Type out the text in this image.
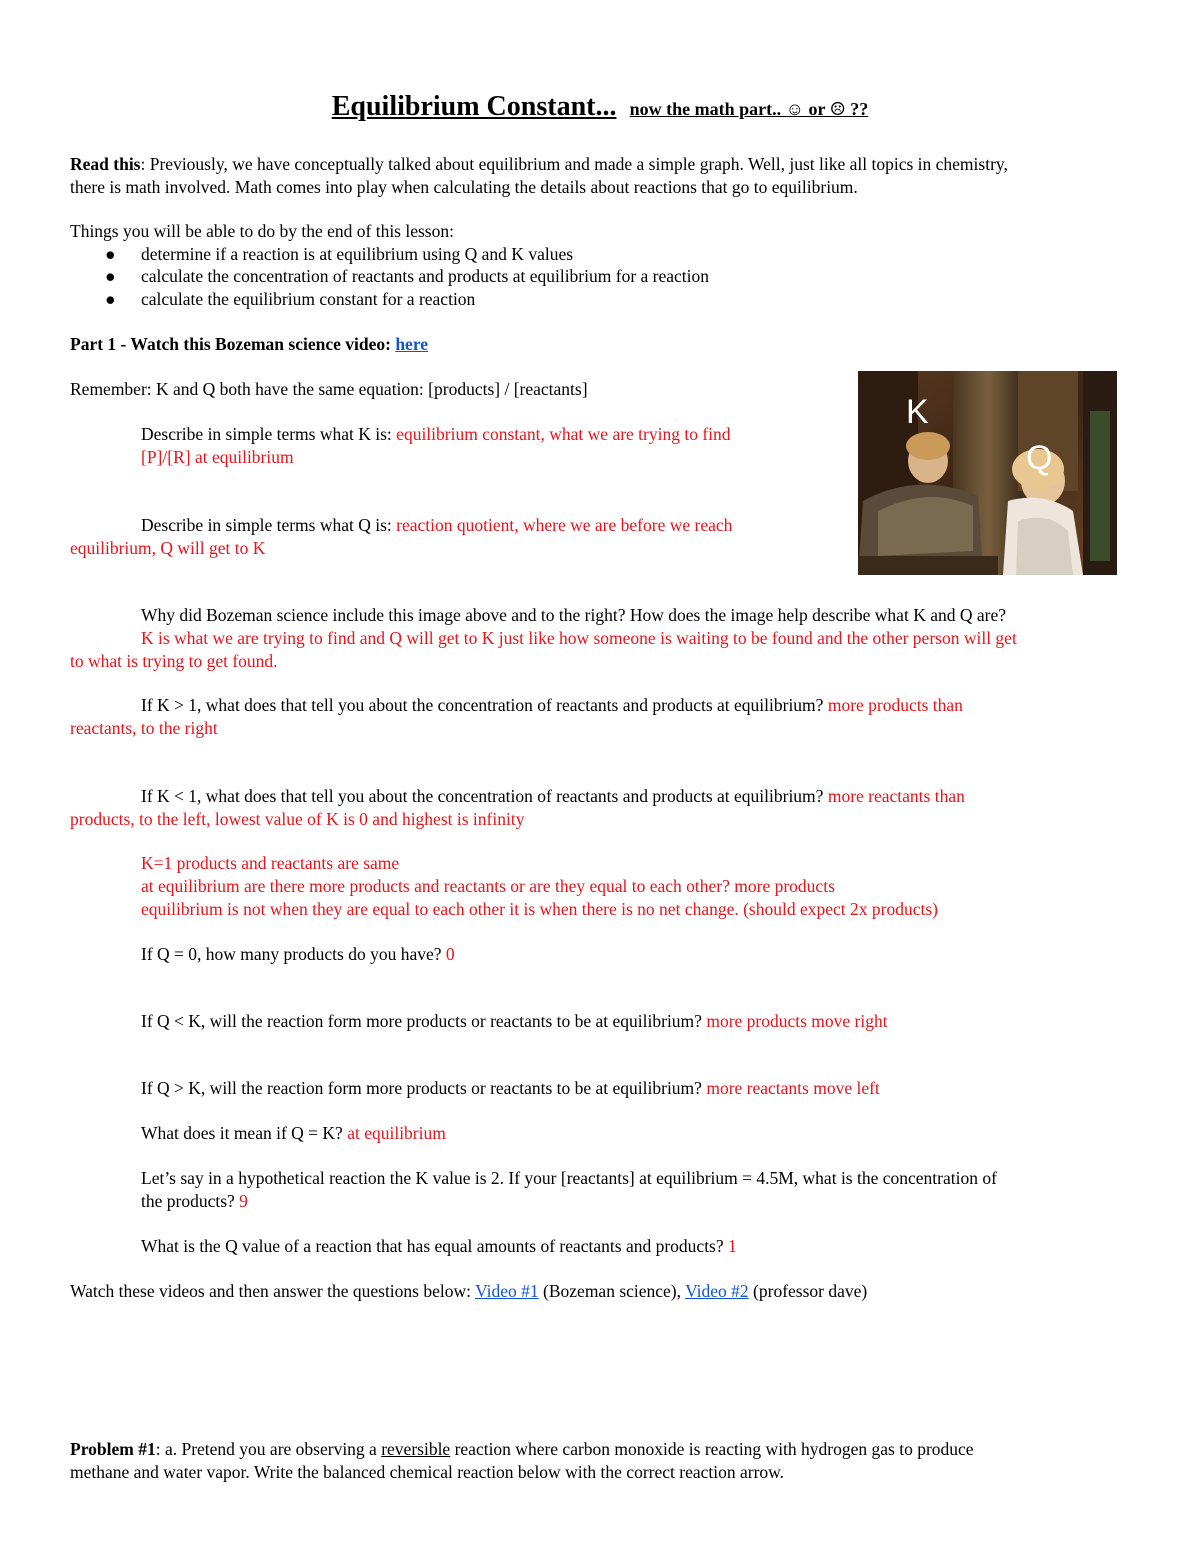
Equilibrium Constant... now the math part.. ☺ or ☹ ??
Read this: Previously, we have conceptually talked about equilibrium and made a simple graph. Well, just like all topics in chemistry,
there is math involved. Math comes into play when calculating the details about reactions that go to equilibrium.
Things you will be able to do by the end of this lesson:
● determine if a reaction is at equilibrium using Q and K values
● calculate the concentration of reactants and products at equilibrium for a reaction
● calculate the equilibrium constant for a reaction
Part 1 - Watch this Bozeman science video: here
Remember: K and Q both have the same equation: [products] / [reactants]
K
Q
Describe in simple terms what K is: equilibrium constant, what we are trying to find
[P]/[R] at equilibrium
Describe in simple terms what Q is: reaction quotient, where we are before we reach
equilibrium, Q will get to K
Why did Bozeman science include this image above and to the right? How does the image help describe what K and Q are?
K is what we are trying to find and Q will get to K just like how someone is waiting to be found and the other person will get
to what is trying to get found.
If K > 1, what does that tell you about the concentration of reactants and products at equilibrium? more products than
reactants, to the right
If K < 1, what does that tell you about the concentration of reactants and products at equilibrium? more reactants than
products, to the left, lowest value of K is 0 and highest is infinity
K=1 products and reactants are same
at equilibrium are there more products and reactants or are they equal to each other? more products
equilibrium is not when they are equal to each other it is when there is no net change. (should expect 2x products)
If Q = 0, how many products do you have? 0
If Q < K, will the reaction form more products or reactants to be at equilibrium? more products move right
If Q > K, will the reaction form more products or reactants to be at equilibrium? more reactants move left
What does it mean if Q = K? at equilibrium
Let’s say in a hypothetical reaction the K value is 2. If your [reactants] at equilibrium = 4.5M, what is the concentration of
the products? 9
What is the Q value of a reaction that has equal amounts of reactants and products? 1
Watch these videos and then answer the questions below: Video #1 (Bozeman science), Video #2 (professor dave)
Problem #1: a. Pretend you are observing a reversible reaction where carbon monoxide is reacting with hydrogen gas to produce
methane and water vapor. Write the balanced chemical reaction below with the correct reaction arrow.
